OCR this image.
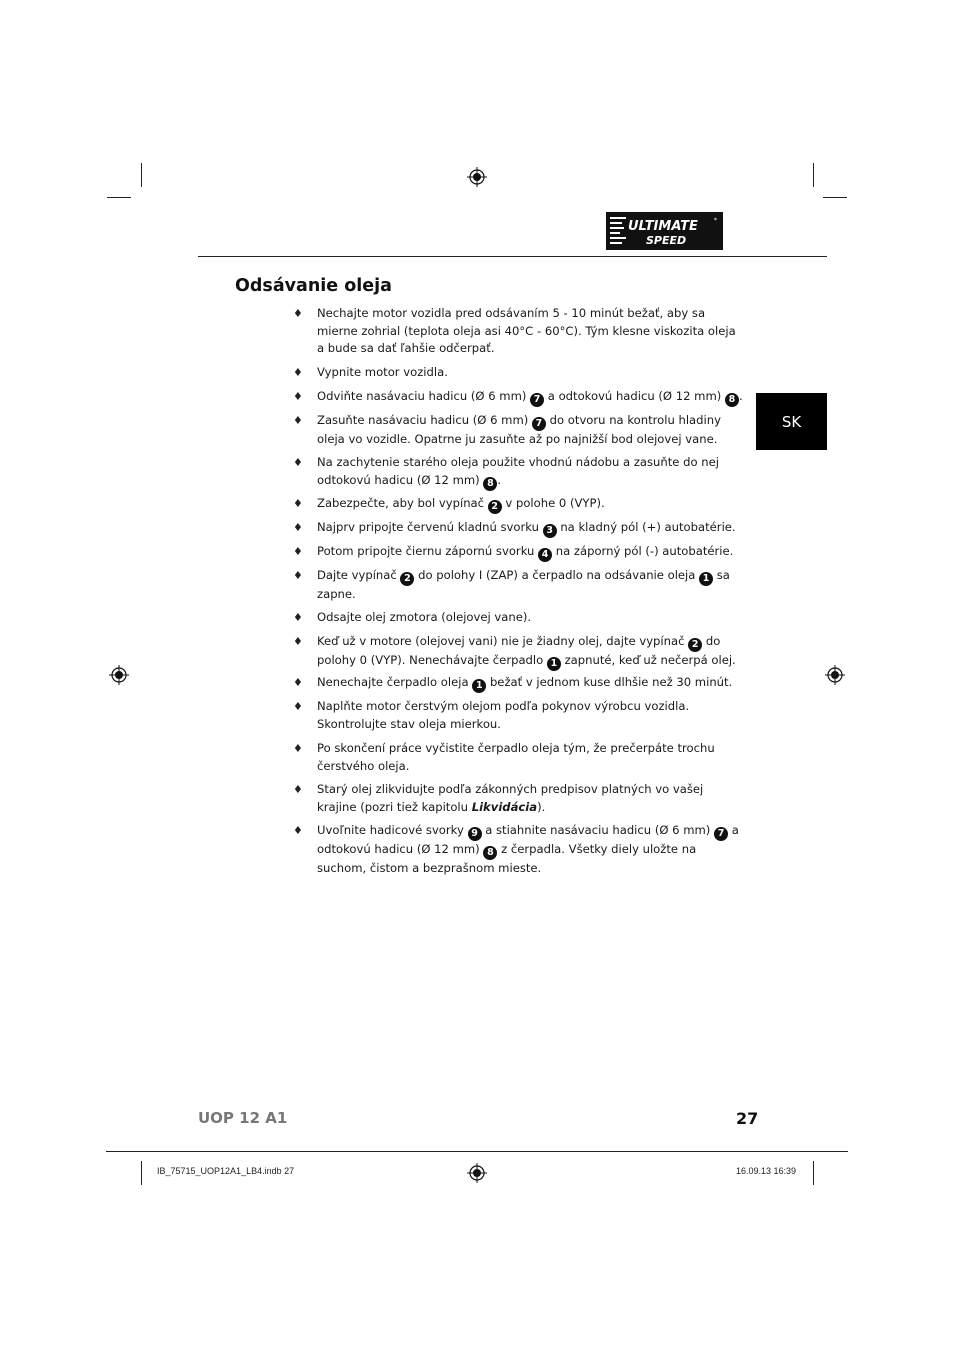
ULTIMATE
SPEED
*
Odsávanie oleja
SK
♦ Nechajte motor vozidla pred odsávaním 5 - 10 minút bežať, aby sa mierne zohrial (teplota oleja asi 40°C - 60°C). Tým klesne viskozita oleja a bude sa dať ľahšie odčerpať.
♦ Vypnite motor vozidla.
♦ Odviňte nasávaciu hadicu (Ø 6 mm) 7 a odtokovú hadicu (Ø 12 mm) 8 .
♦ Zasuňte nasávaciu hadicu (Ø 6 mm) 7 do otvoru na kontrolu hladiny oleja vo vozidle. Opatrne ju zasuňte až po najnižší bod olejovej vane.
♦ Na zachytenie starého oleja použite vhodnú nádobu a zasuňte do nej odtokovú hadicu (Ø 12 mm) 8 .
♦ Zabezpečte, aby bol vypínač 2 v polohe 0 (VYP).
♦ Najprv pripojte červenú kladnú svorku 3 na kladný pól (+) autobatérie.
♦ Potom pripojte čiernu zápornú svorku 4 na záporný pól (-) autobatérie.
♦ Dajte vypínač 2 do polohy I (ZAP) a čerpadlo na odsávanie oleja 1 sa zapne.
♦ Odsajte olej zmotora (olejovej vane).
♦ Keď už v motore (olejovej vani) nie je žiadny olej, dajte vypínač 2 do polohy 0 (VYP). Nenechávajte čerpadlo 1 zapnuté, keď už nečerpá olej.
♦ Nenechajte čerpadlo oleja 1 bežať v jednom kuse dlhšie než 30 minút.
♦ Naplňte motor čerstvým olejom podľa pokynov výrobcu vozidla. Skontrolujte stav oleja mierkou.
♦ Po skončení práce vyčistite čerpadlo oleja tým, že prečerpáte trochu čerstvého oleja.
♦ Starý olej zlikvidujte podľa zákonných predpisov platných vo vašej krajine (pozri tiež kapitolu Likvidácia).
♦ Uvoľnite hadicové svorky 9 a stiahnite nasávaciu hadicu (Ø 6 mm) 7 a odtokovú hadicu (Ø 12 mm) 8 z čerpadla. Všetky diely uložte na suchom, čistom a bezprašnom mieste.
UOP 12 A1	27
IB_75715_UOP12A1_LB4.indb 27	16.09.13 16:39
